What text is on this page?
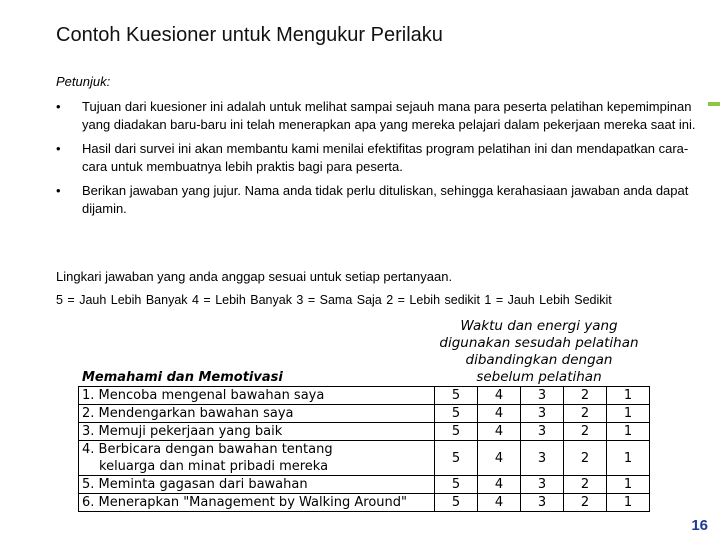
Contoh Kuesioner untuk Mengukur Perilaku
Petunjuk:
• Tujuan dari kuesioner ini adalah untuk melihat sampai sejauh mana para peserta pelatihan kepemimpinan yang diadakan baru-baru ini telah menerapkan apa yang mereka pelajari dalam pekerjaan mereka saat ini.
• Hasil dari survei ini akan membantu kami menilai efektifitas program pelatihan ini dan mendapatkan cara-cara untuk membuatnya lebih praktis bagi para peserta.
• Berikan jawaban yang jujur. Nama anda tidak perlu dituliskan, sehingga kerahasiaan jawaban anda dapat dijamin.
Lingkari jawaban yang anda anggap sesuai untuk setiap pertanyaan.
5 = Jauh Lebih Banyak 4 = Lebih Banyak 3 = Sama Saja 2 = Lebih sedikit 1 = Jauh Lebih Sedikit
Waktu dan energi yang
digunakan sesudah pelatihan
dibandingkan dengan
sebelum pelatihan
Memahami dan Memotivasi
1. Mencoba mengenal bawahan saya	5	4	3	2	1

2. Mendengarkan bawahan saya	5	4	3	2	1

3. Memuji pekerjaan yang baik	5	4	3	2	1

4. Berbicara dengan bawahan tentang
keluarga dan minat pribadi mereka	5	4	3	2	1

5. Meminta gagasan dari bawahan	5	4	3	2	1

6. Menerapkan "Management by Walking Around"	5	4	3	2	1
16
